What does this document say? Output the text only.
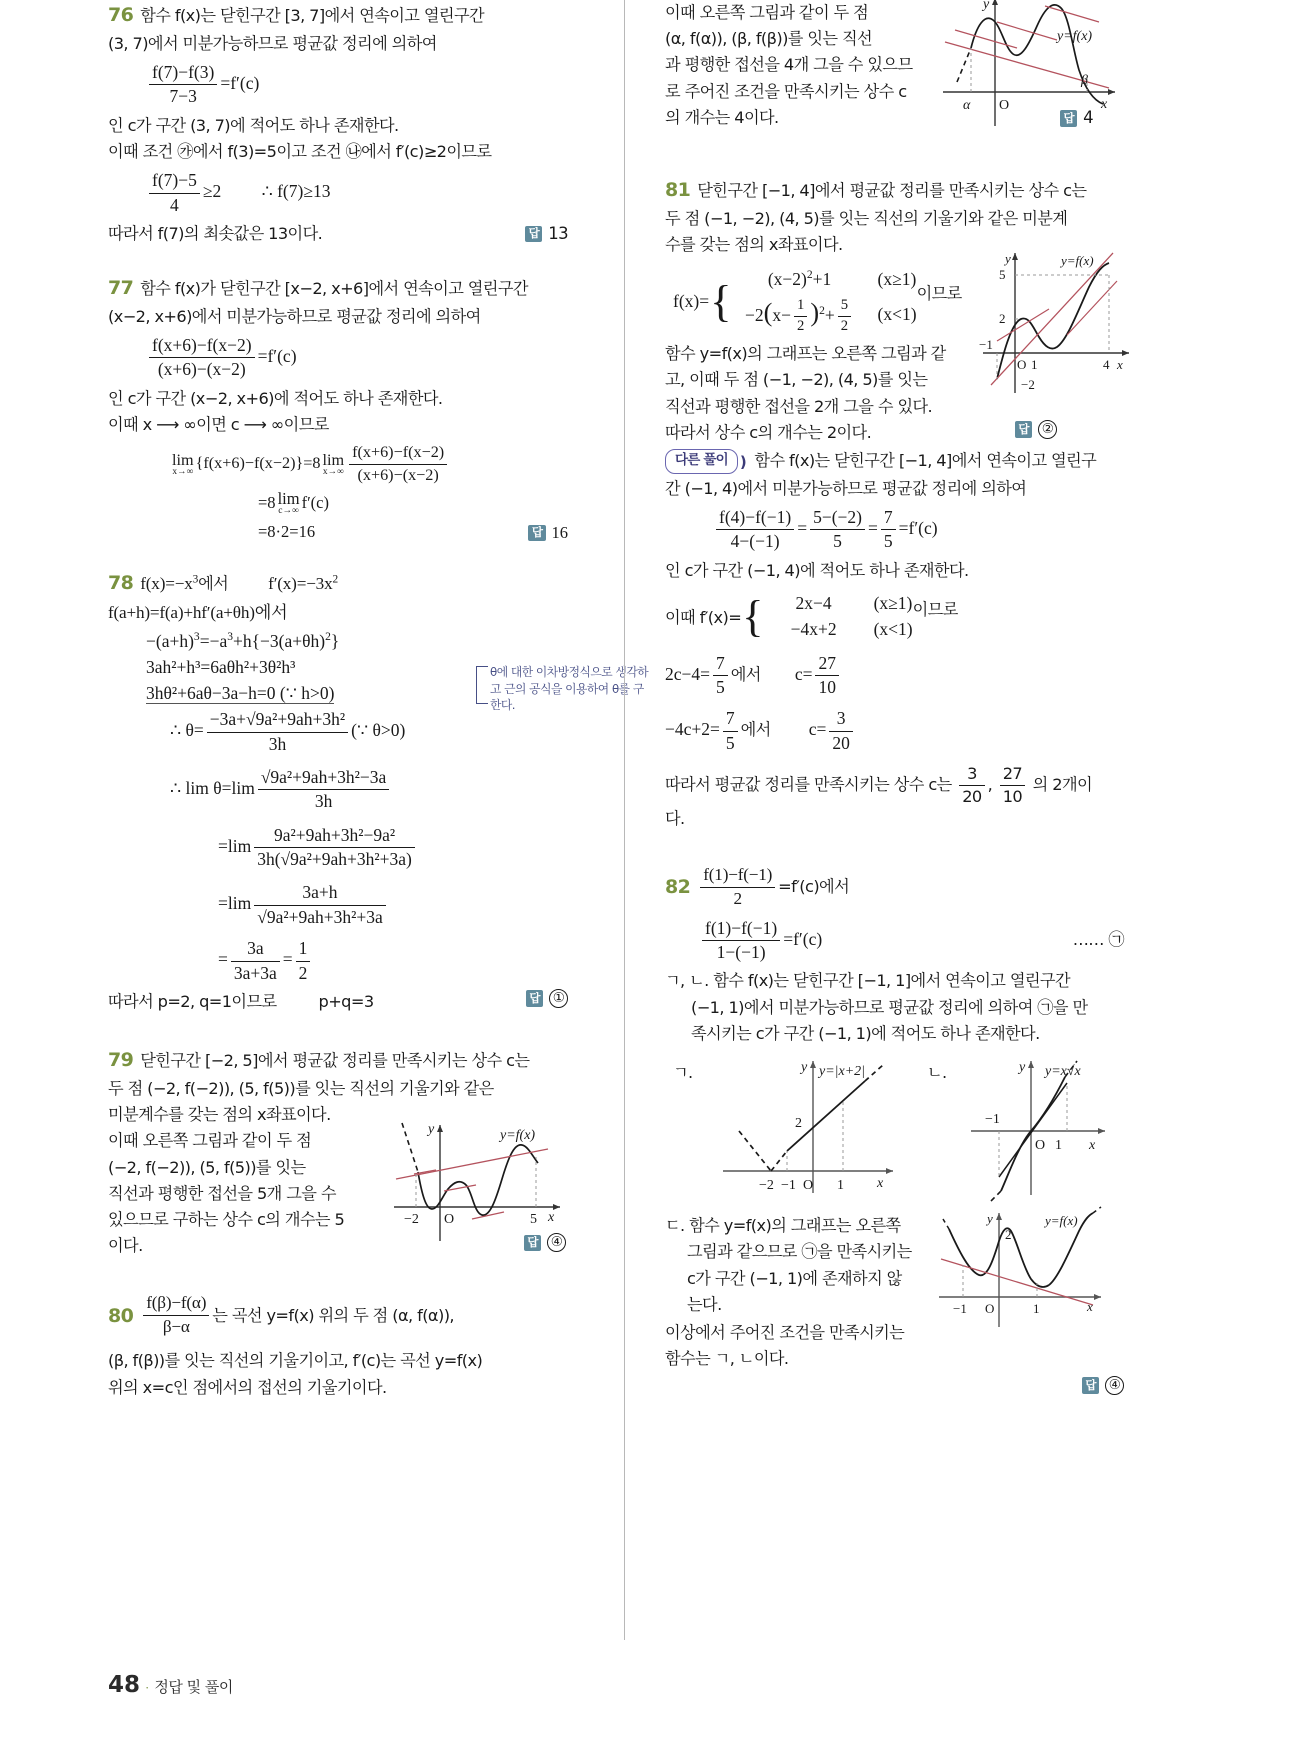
76 함수 f(x)는 닫힌구간 [3, 7]에서 연속이고 열린구간
(3, 7)에서 미분가능하므로 평균값 정리에 의하여
$\frac{f(7)-f(3)}{7-3} =f'(c)$
인 c가 구간 (3, 7)에 적어도 하나 존재한다.
이때 조건 ㉮에서 f(3)=5이고 조건 ㉯에서 f′(c)≥2이므로
$\frac{f(7)-5}{4} \ge 2$ ∴ f(7)≥13
따라서 f(7)의 최솟값은 13이다.	답 13
77 함수 f(x)가 닫힌구간 [x−2, x+6]에서 연속이고 열린구간
(x−2, x+6)에서 미분가능하므로 평균값 정리에 의하여
$\frac{f(x+6)-f(x-2)}{(x+6)-(x-2)} =f'(c)$
인 c가 구간 (x−2, x+6)에 적어도 하나 존재한다.
이때 x ⟶ ∞이면 c ⟶ ∞이므로
lim
x→∞ {f(x+6)−f(x−2)}=8 lim
$x\to\infty \frac{f(x+6)-f(x-2)}{(x+6)-(x-2)}$
=8 lim
c→∞ f′(c)
=8·2=16	답 16
78 $f(x)=-x^3$에서 $f'(x)=-3x^2$
f(a+h)=f(a)+hf′(a+θh)에서
$-(a+h)^3=-a^3+h\{-3(a+\theta h)^2\}$
3ah²+h³=6aθh²+3θ²h³
3hθ²+6aθ−3a−h=0 (∵ h>0)
θ에 대한 이차방정식으로 생각하고 근의 공식을 이용하여 θ를 구한다.
∴ $\theta= \frac{\text{−3a+√9a²+9ah+3h²}}{3h}$ (∵ θ>0)
∴ $\lim \theta=\lim \frac{\text{√9a²+9ah+3h²−3a}}{3h}$
$=\lim \frac{\text{9a²+9ah+3h²−9a²}}{\text{3h(√9a²+9ah+3h²+3a)}}$
$=\lim \frac{3a+h}{\text{√9a²+9ah+3h²+3a}}$
= $\frac{3a}{3a+3a} = \frac{1}{2}$
따라서 p=2, q=1이므로	p+q=3	답 ①
79 닫힌구간 [−2, 5]에서 평균값 정리를 만족시키는 상수 c는
두 점 (−2, f(−2)), (5, f(5))를 잇는 직선의 기울기와 같은
미분계수를 갖는 점의 x좌표이다.
이때 오른쪽 그림과 같이 두 점
(−2, f(−2)), (5, f(5))를 잇는
직선과 평행한 접선을 5개 그을 수
있으므로 구하는 상수 c의 개수는 5
이다.	답 ④
−2 O	5 x
y	y=f(x)
$80 \frac{f(\beta)-f(\alpha)}{\beta-\alpha}$ 는 곡선 y=f(x) 위의 두 점 (α, f(α)),
(β, f(β))를 잇는 직선의 기울기이고, f′(c)는 곡선 y=f(x)
위의 x=c인 점에서의 접선의 기울기이다.
이때 오른쪽 그림과 같이 두 점
(α, f(α)), (β, f(β))를 잇는 직선
과 평행한 접선을 4개 그을 수 있으므
로 주어진 조건을 만족시키는 상수 c
의 개수는 4이다.	답 4
α O
β
x
y
y=f(x)
81 닫힌구간 [−1, 4]에서 평균값 정리를 만족시키는 상수 c는
두 점 (−1, −2), (4, 5)를 잇는 직선의 기울기와 같은 미분계
수를 갖는 점의 x좌표이다.
f(x)= {	$(x-2)^2+1$	(x≥1)
$-2(x- \frac{1}{2} )^2+ \frac{5}{2} (x<1)$
이므로
함수 y=f(x)의 그래프는 오른쪽 그림과 같
고, 이때 두 점 (−1, −2), (4, 5)를 잇는
직선과 평행한 접선을 2개 그을 수 있다.
따라서 상수 c의 개수는 2이다.	답 ②
5
2
−1
O 1	4
−2
x
y	y=f(x)
다른 풀이 ) 함수 f(x)는 닫힌구간 [−1, 4]에서 연속이고 열린구
간 (−1, 4)에서 미분가능하므로 평균값 정리에 의하여
$\frac{f(4)-f(-1)}{4-(-1)} = \frac{5-(-2)}{5} = \frac{7}{5} =f'(c)$
인 c가 구간 (−1, 4)에 적어도 하나 존재한다.
이때 f′(x)= {	2x−4	(x≥1)
−4x+2	(x<1)
이므로
$2c-4= \frac{7}{5}$ 에서 $c= \frac{27}{10}$
$-4c+2= \frac{7}{5}$ 에서 $c= \frac{3}{20}$
따라서 평균값 정리를 만족시키는 상수 c는 $\frac{3}{20}$ , $\frac{27}{10}$ 의 2개이
다.
$82 \frac{f(1)-f(-1)}{2} =f'(c)$에서
$\frac{f(1)-f(-1)}{1-(-1)} =f'(c)$	…… ㉠
ㄱ, ㄴ. 함수 f(x)는 닫힌구간 [−1, 1]에서 연속이고 열린구간
(−1, 1)에서 미분가능하므로 평균값 정리에 의하여 ㉠을 만
족시키는 c가 구간 (−1, 1)에 적어도 하나 존재한다.
ㄱ.
2
−2 −1 O 1 x
y y=|x+2|	ㄴ.
−1
O 1 x
y y=x√x
ㄷ. 함수 y=f(x)의 그래프는 오른쪽
그림과 같으므로 ㉠을 만족시키는
c가 구간 (−1, 1)에 존재하지 않
는다.	−1 O	1
2
x
y	y=f(x)
이상에서 주어진 조건을 만족시키는
함수는 ㄱ, ㄴ이다.
답 ④
48 · 정답 및 풀이
